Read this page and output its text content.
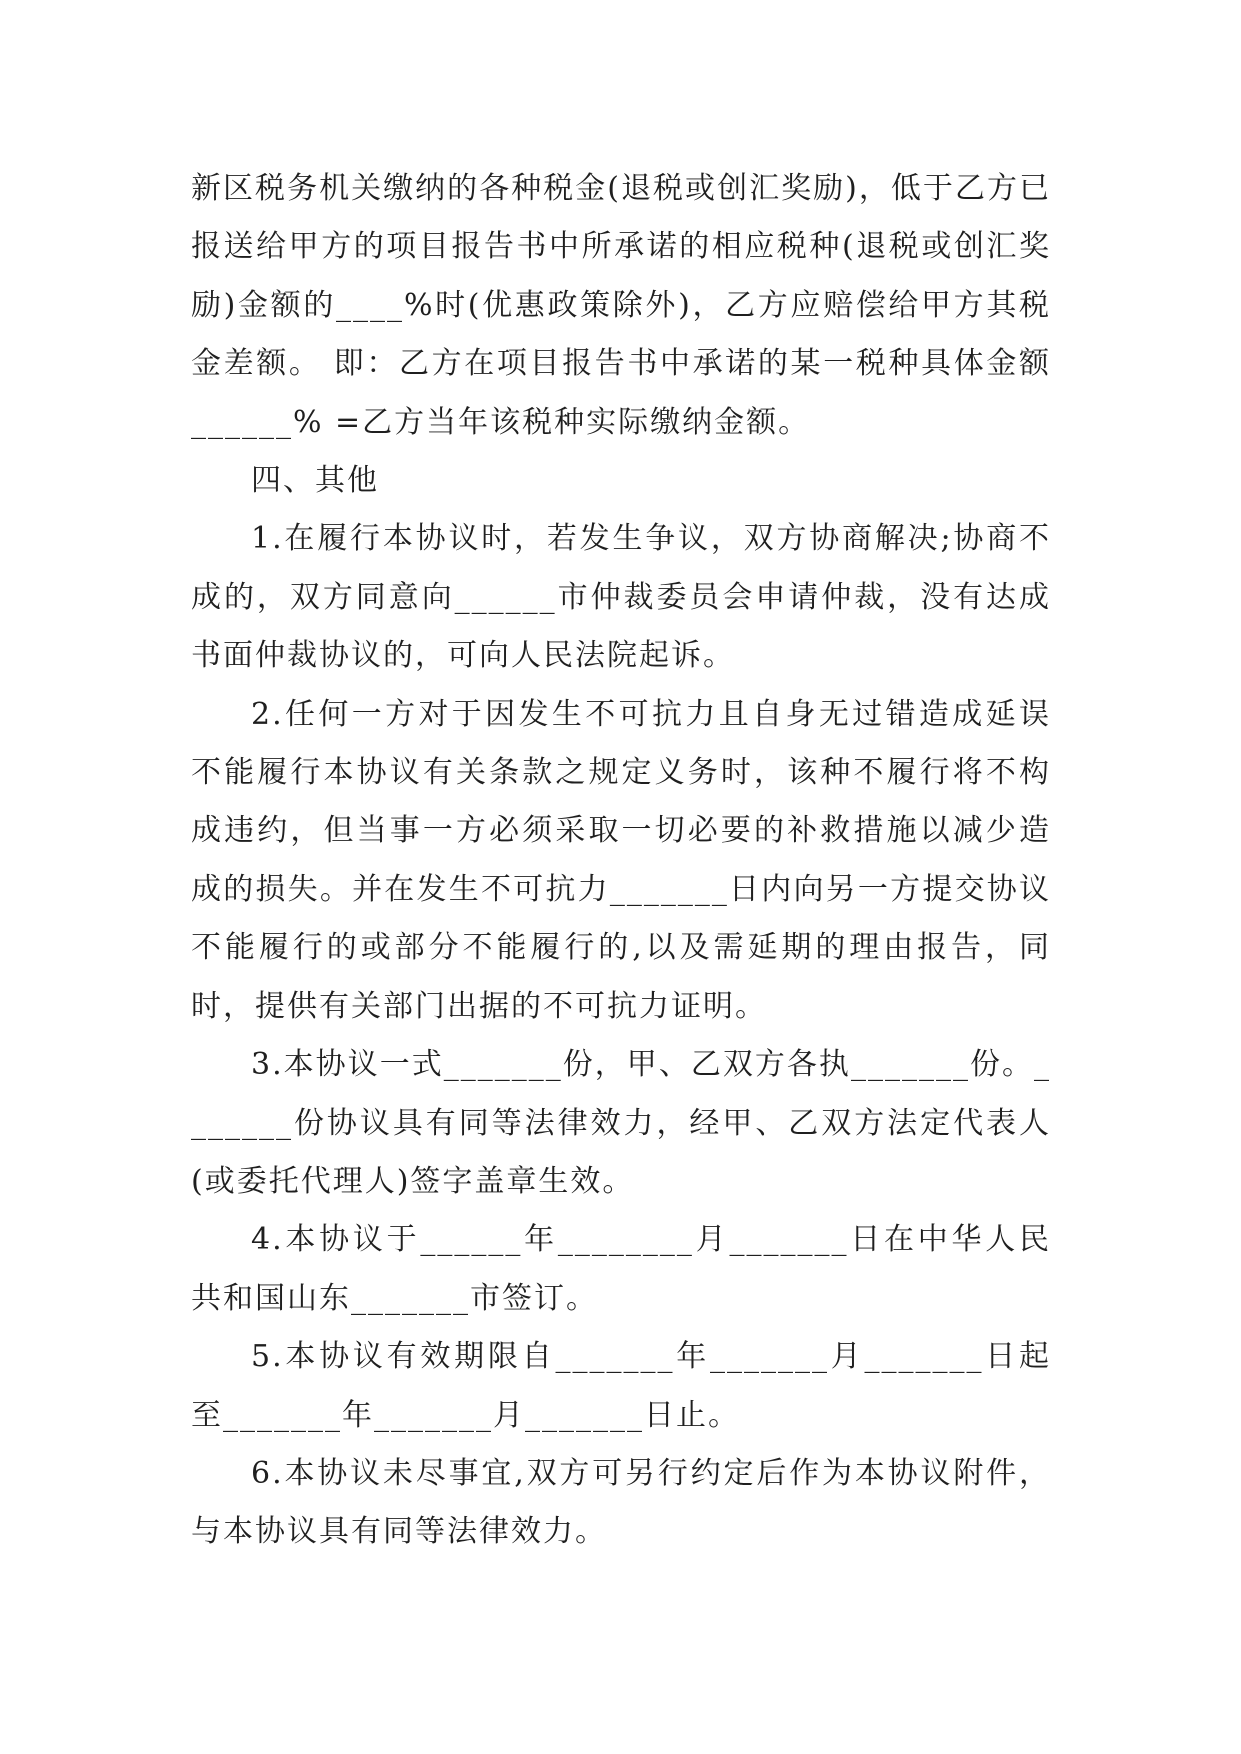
新区税务机关缴纳的各种税金(退税或创汇奖励)，低于乙方已报送给甲方的项目报告书中所承诺的相应税种(退税或创汇奖励)金额的____%时(优惠政策除外)，乙方应赔偿给甲方其税金差额。 即：乙方在项目报告书中承诺的某一税种具体金额______% =乙方当年该税种实际缴纳金额。

四、其他

1.在履行本协议时，若发生争议，双方协商解决;协商不成的，双方同意向______市仲裁委员会申请仲裁，没有达成书面仲裁协议的，可向人民法院起诉。

2.任何一方对于因发生不可抗力且自身无过错造成延误不能履行本协议有关条款之规定义务时，该种不履行将不构成违约，但当事一方必须采取一切必要的补救措施以减少造成的损失。并在发生不可抗力_______日内向另一方提交协议不能履行的或部分不能履行的,以及需延期的理由报告，同时，提供有关部门出据的不可抗力证明。

3.本协议一式_______份，甲、乙双方各执_______份。_______份协议具有同等法律效力，经甲、乙双方法定代表人(或委托代理人)签字盖章生效。

4.本协议于______年________月_______日在中华人民共和国山东_______市签订。

5.本协议有效期限自_______年_______月_______日起至_______年_______月_______日止。

6.本协议未尽事宜,双方可另行约定后作为本协议附件，与本协议具有同等法律效力。
